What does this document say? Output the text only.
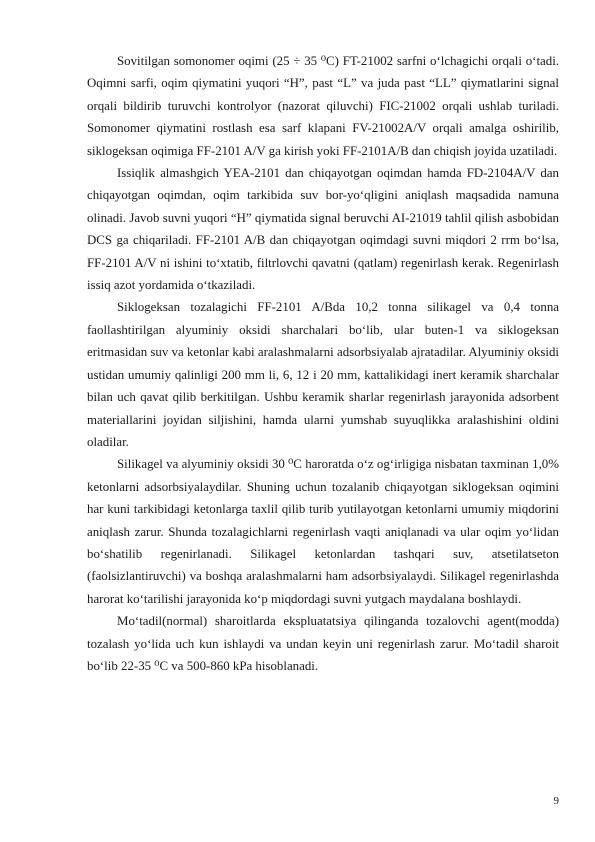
Sovitilgan somonomer oqimi (25 ÷ 35 ⁰C) FT-21002 sarfni o‘lchagichi orqali o‘tadi. Oqimni sarfi, oqim qiymatini yuqori “H”, past “L” va juda past “LL” qiymatlarini signal orqali bildirib turuvchi kontrolyor (nazorat qiluvchi) FIC-21002 orqali ushlab turiladi. Somonomer qiymatini rostlash esa sarf klapani FV-21002A/V orqali amalga oshirilib, siklogeksan oqimiga FF-2101 A/V ga kirish yoki FF-2101A/B dan chiqish joyida uzatiladi.

Issiqlik almashgich YEA-2101 dan chiqayotgan oqimdan hamda FD-2104A/V dan chiqayotgan oqimdan, oqim tarkibida suv bor-yo‘qligini aniqlash maqsadida namuna olinadi. Javob suvni yuqori “H” qiymatida signal beruvchi AI-21019 tahlil qilish asbobidan DCS ga chiqariladi. FF-2101 A/B dan chiqayotgan oqimdagi suvni miqdori 2 rrm bo‘lsa, FF-2101 A/V ni ishini to‘xtatib, filtrlovchi qavatni (qatlam) regenirlash kerak. Regenirlash issiq azot yordamida o‘tkaziladi.

Siklogeksan tozalagichi FF-2101 A/Bda 10,2 tonna silikagel va 0,4 tonna faollashtirilgan alyuminiy oksidi sharchalari bo‘lib, ular buten-1 va siklogeksan eritmasidan suv va ketonlar kabi aralashmalarni adsorbsiyalab ajratadilar. Alyuminiy oksidi ustidan umumiy qalinligi 200 mm li, 6, 12 i 20 mm, kattalikidagi inert keramik sharchalar bilan uch qavat qilib berkitilgan. Ushbu keramik sharlar regenirlash jarayonida adsorbent materiallarini joyidan siljishini, hamda ularni yumshab suyuqlikka aralashishini oldini oladilar.

Silikagel va alyuminiy oksidi 30 ⁰C haroratda o‘z og‘irligiga nisbatan taxminan 1,0% ketonlarni adsorbsiyalaydilar. Shuning uchun tozalanib chiqayotgan siklogeksan oqimini har kuni tarkibidagi ketonlarga taxlil qilib turib yutilayotgan ketonlarni umumiy miqdorini aniqlash zarur. Shunda tozalagichlarni regenirlash vaqti aniqlanadi va ular oqim yo‘lidan bo‘shatilib regenirlanadi. Silikagel ketonlardan tashqari suv, atsetilatseton (faolsizlantiruvchi) va boshqa aralashmalarni ham adsorbsiyalaydi. Silikagel regenirlashda harorat ko‘tarilishi jarayonida ko‘p miqdordagi suvni yutgach maydalana boshlaydi.

Mo‘tadil(normal) sharoitlarda ekspluatatsiya qilinganda tozalovchi agent(modda) tozalash yo‘lida uch kun ishlaydi va undan keyin uni regenirlash zarur. Mo‘tadil sharoit bo‘lib 22-35 ⁰C va 500-860 kPa hisoblanadi.

9
